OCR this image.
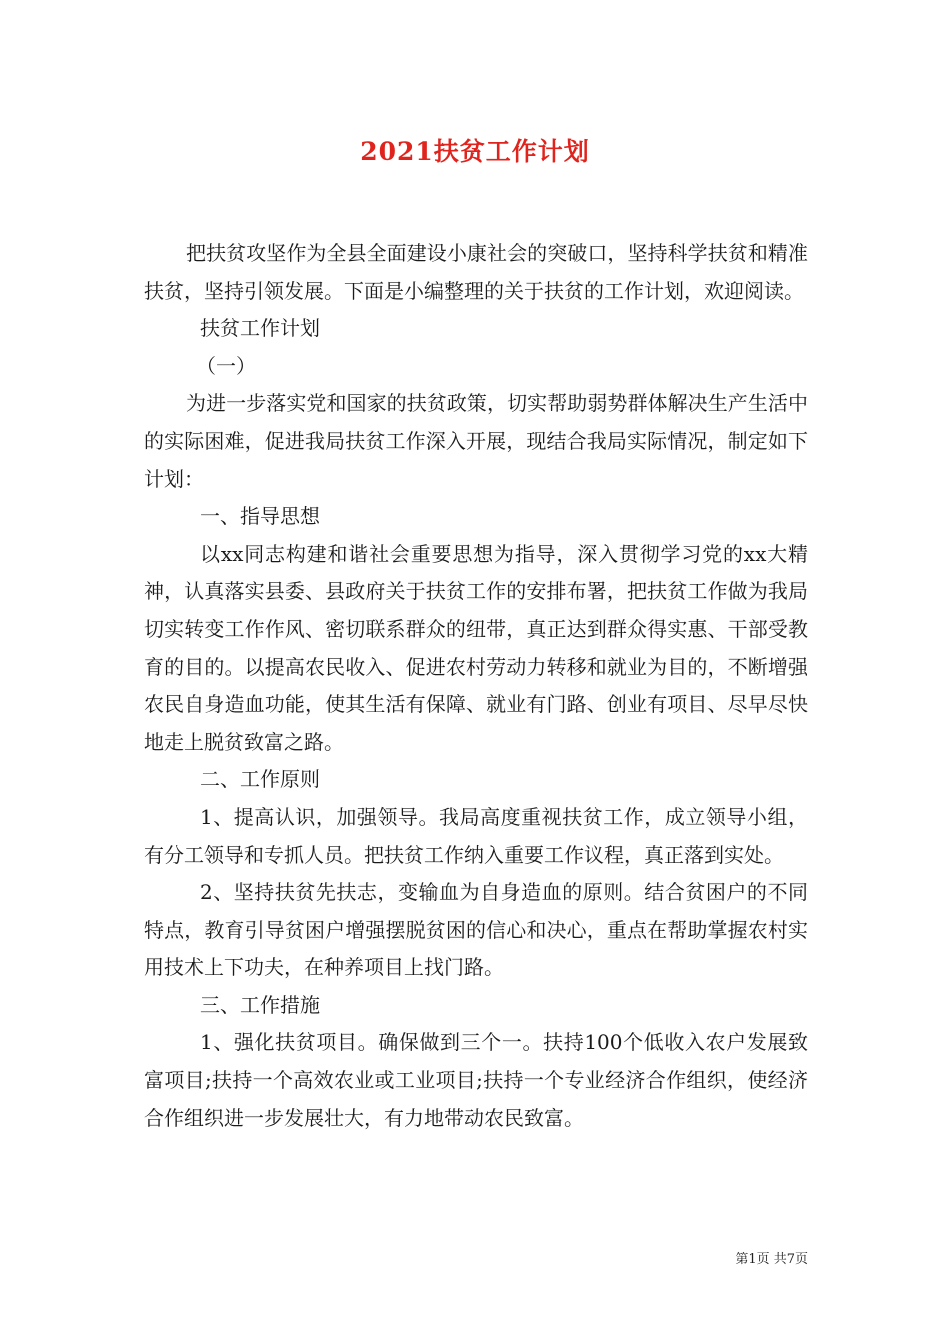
2021扶贫工作计划

把扶贫攻坚作为全县全面建设小康社会的突破口，坚持科学扶贫和精准扶贫，坚持引领发展。下面是小编整理的关于扶贫的工作计划，欢迎阅读。

扶贫工作计划

（一）

为进一步落实党和国家的扶贫政策，切实帮助弱势群体解决生产生活中的实际困难，促进我局扶贫工作深入开展，现结合我局实际情况，制定如下计划：

一、指导思想

以xx同志构建和谐社会重要思想为指导，深入贯彻学习党的xx大精神，认真落实县委、县政府关于扶贫工作的安排布署，把扶贫工作做为我局切实转变工作作风、密切联系群众的纽带，真正达到群众得实惠、干部受教育的目的。以提高农民收入、促进农村劳动力转移和就业为目的，不断增强农民自身造血功能，使其生活有保障、就业有门路、创业有项目、尽早尽快地走上脱贫致富之路。

二、工作原则

1、提高认识，加强领导。我局高度重视扶贫工作，成立领导小组，有分工领导和专抓人员。把扶贫工作纳入重要工作议程，真正落到实处。

2、坚持扶贫先扶志，变输血为自身造血的原则。结合贫困户的不同特点，教育引导贫困户增强摆脱贫困的信心和决心，重点在帮助掌握农村实用技术上下功夫，在种养项目上找门路。

三、工作措施

1、强化扶贫项目。确保做到三个一。扶持100个低收入农户发展致富项目;扶持一个高效农业或工业项目;扶持一个专业经济合作组织，使经济合作组织进一步发展壮大，有力地带动农民致富。

第1页 共7页
